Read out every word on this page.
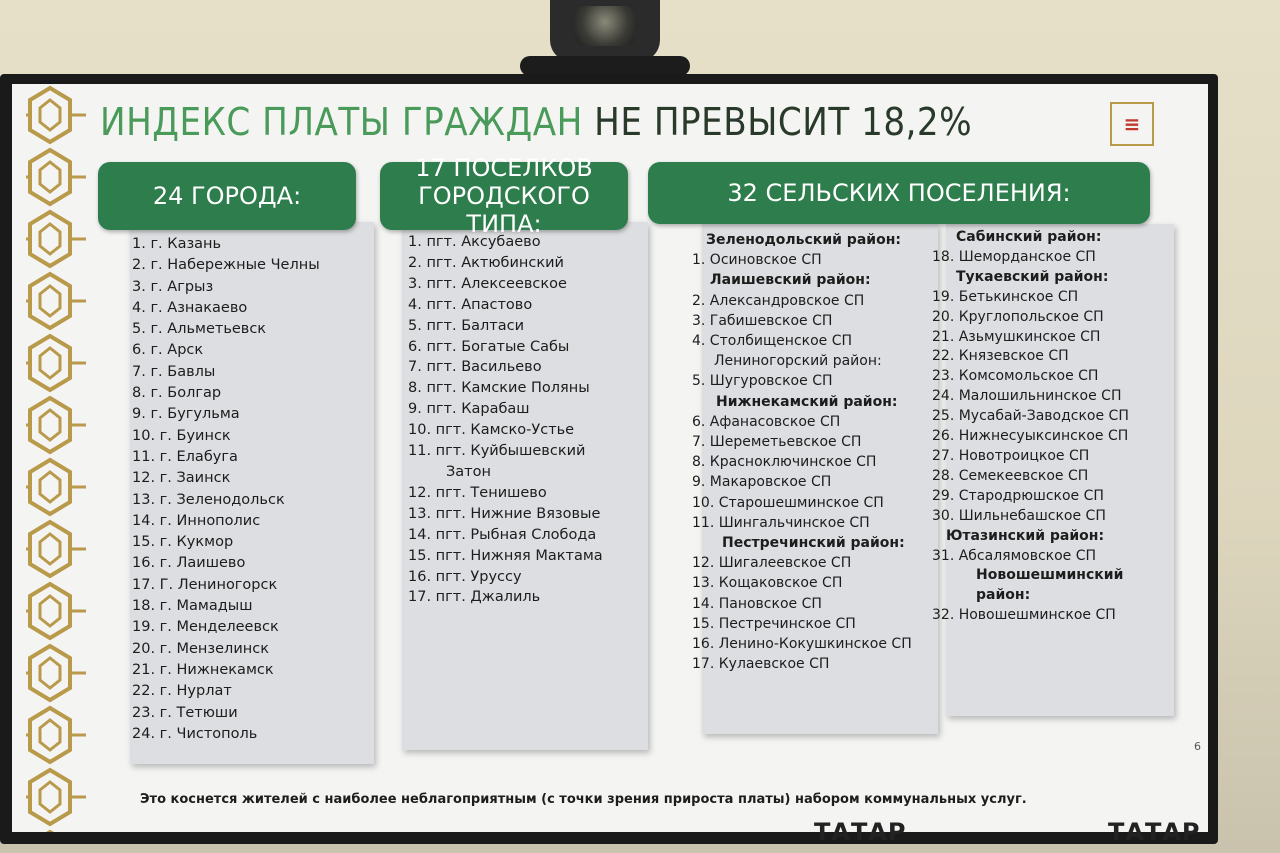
ИНДЕКС ПЛАТЫ ГРАЖДАН НЕ ПРЕВЫСИТ 18,2%	≡
24 ГОРОДА:
1. г. Казань
2. г. Набережные Челны
3. г. Агрыз
4. г. Азнакаево
5. г. Альметьевск
6. г. Арск
7. г. Бавлы
8. г. Болгар
9. г. Бугульма
10. г. Буинск
11. г. Елабуга
12. г. Заинск
13. г. Зеленодольск
14. г. Иннополис
15. г. Кукмор
16. г. Лаишево
17. Г. Лениногорск
18. г. Мамадыш
19. г. Менделеевск
20. г. Мензелинск
21. г. Нижнекамск
22. г. Нурлат
23. г. Тетюши
24. г. Чистополь
17 ПОСЕЛКОВ
ГОРОДСКОГО ТИПА:
1. пгт. Аксубаево
2. пгт. Актюбинский
3. пгт. Алексеевское
4. пгт. Апастово
5. пгт. Балтаси
6. пгт. Богатые Сабы
7. пгт. Васильево
8. пгт. Камские Поляны
9. пгт. Карабаш
10. пгт. Камско-Устье
11. пгт. Куйбышевский
Затон
12. пгт. Тенишево
13. пгт. Нижние Вязовые
14. пгт. Рыбная Слобода
15. пгт. Нижняя Мактама
16. пгт. Уруссу
17. пгт. Джалиль
32 СЕЛЬСКИХ ПОСЕЛЕНИЯ:
Зеленодольский район:
1. Осиновское СП
Лаишевский район:
2. Александровское СП
3. Габишевское СП
4. Столбищенское СП
Лениногорский район:
5. Шугуровское СП
Нижнекамский район:
6. Афанасовское СП
7. Шереметьевское СП
8. Красноключинское СП
9. Макаровское СП
10. Старошешминское СП
11. Шингальчинское СП
Пестречинский район:
12. Шигалеевское СП
13. Кощаковское СП
14. Пановское СП
15. Пестречинское СП
16. Ленино-Кокушкинское СП
17. Кулаевское СП
Сабинский район:
18. Шеморданское СП
Тукаевский район:
19. Бетькинское СП
20. Круглопольское СП
21. Азьмушкинское СП
22. Князевское СП
23. Комсомольское СП
24. Малошильнинское СП
25. Мусабай-Заводское СП
26. Нижнесуыксинское СП
27. Новотроицкое СП
28. Семекеевское СП
29. Стародрюшское СП
30. Шильнебашское СП
Ютазинский район:
31. Абсалямовское СП
Новошешминский
район:
32. Новошешминское СП
6
Это коснется жителей с наиболее неблагоприятным (с точки зрения прироста платы) набором коммунальных услуг.
ТАТАР	ТАТАР
